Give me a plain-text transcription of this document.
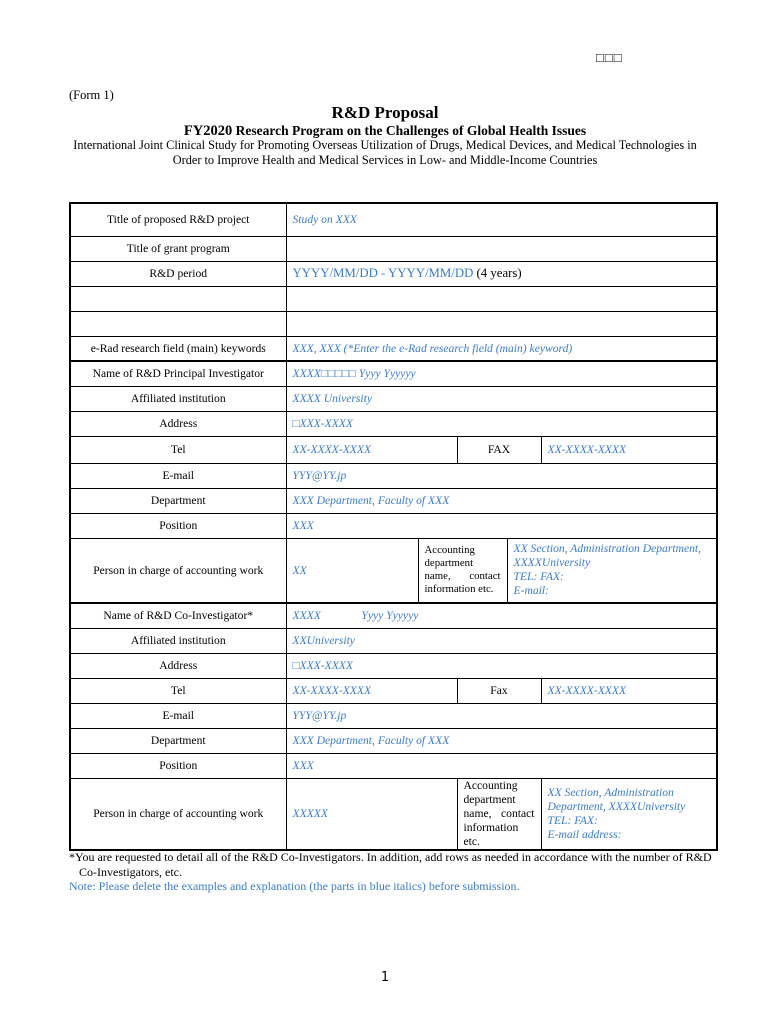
□□□
(Form 1)
R&D Proposal
FY2020 Research Program on the Challenges of Global Health Issues
International Joint Clinical Study for Promoting Overseas Utilization of Drugs, Medical Devices, and Medical Technologies in Order to Improve Health and Medical Services in Low- and Middle-Income Countries
Title of proposed R&D project	Study on XXX				
Title of grant program					
R&D period	YYYY/MM/DD - YYYY/MM/DD (4 years)				

e-Rad research field (main) keywords	XXX, XXX (*Enter the e-Rad research field (main) keyword)				
Name of R&D Principal Investigator	XXXX□□□□□ Yyyy Yyyyyy				
Affiliated institution	XXXX University				
Address	□XXX-XXXX				
Tel	XX-XXXX-XXXX		FAX		XX-XXXX-XXXX
E-mail	YYY@YY.jp				
Department	XXX Department, Faculty of XXX				
Position	XXX				
Person in charge of accounting work	XX	Accounting department name, contact information etc.		XX Section, Administration Department, XXXXUniversity
TEL: FAX:
E-mail:	

Name of R&D Co-Investigator*	XXXX              Yyyy Yyyyyy				
Affiliated institution	XXUniversity				
Address	□XXX-XXXX				
Tel	XX-XXXX-XXXX		Fax		XX-XXXX-XXXX
E-mail	YYY@YY.jp				
Department	XXX Department, Faculty of XXX				
Position	XXX				
Person in charge of accounting work	XXXXX		Accounting department name, contact information etc.		XX Section, Administration Department, XXXXUniversity
TEL: FAX:
E-mail address:
*You are requested to detail all of the R&D Co-Investigators. In addition, add rows as needed in accordance with the number of R&D Co-Investigators, etc.
Note: Please delete the examples and explanation (the parts in blue italics) before submission.
1
